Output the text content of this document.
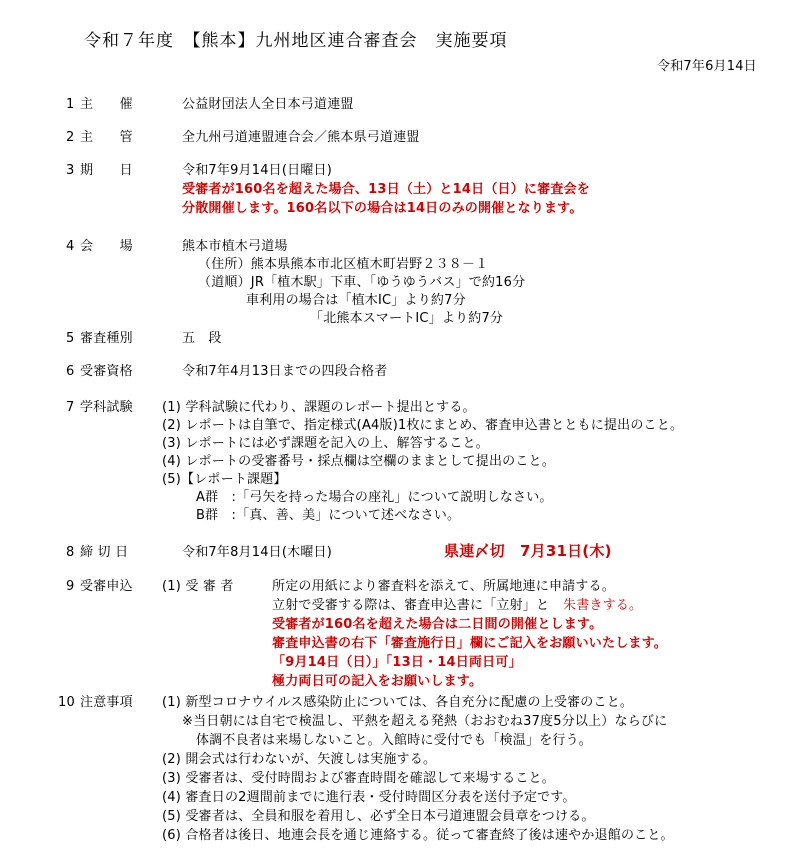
令和７年度　【熊本】九州地区連合審査会　実施要項
令和7年6月14日
1 主　　催	公益財団法人全日本弓道連盟
2 主　　管	全九州弓道連盟連合会／熊本県弓道連盟
3 期　　日	令和7年9月14日(日曜日)
受審者が160名を超えた場合、13日（土）と14日（日）に審査会を
分散開催します。160名以下の場合は14日のみの開催となります。
4 会　　場	熊本市植木弓道場
（住所）熊本県熊本市北区植木町岩野２３８－１
（道順）JR「植木駅」下車、「ゆうゆうバス」で約16分
車利用の場合は「植木IC」より約7分
「北熊本スマートIC」より約7分
5 審査種別	五　段
6 受審資格	令和7年4月13日までの四段合格者
7 学科試験 (1) 学科試験に代わり、課題のレポート提出とする。
(2) レポートは自筆で、指定様式(A4版)1枚にまとめ、審査申込書とともに提出のこと。
(3) レポートには必ず課題を記入の上、解答すること。
(4) レポートの受審番号・採点欄は空欄のままとして提出のこと。
(5)【レポート課題】
A群　:「弓矢を持った場合の座礼」について説明しなさい。
B群　:「真、善、美」について述べなさい。
8 締 切 日	令和7年8月14日(木曜日)	県連〆切　7月31日(木)
9 受審申込 (1) 受 審 者	所定の用紙により審査料を添えて、所属地連に申請する。
立射で受審する際は、審査申込書に「立射」と 朱書きする。
受審者が160名を超えた場合は二日間の開催とします。
審査申込書の右下「審査施行日」欄にご記入をお願いいたします。
「9月14日（日）」「13日・14日両日可」
極力両日可の記入をお願いします。
10 注意事項 (1) 新型コロナウイルス感染防止については、各自充分に配慮の上受審のこと。
※当日朝には自宅で検温し、平熱を超える発熱（おおむね37度5分以上）ならびに
体調不良者は来場しないこと。入館時に受付でも「検温」を行う。
(2) 開会式は行わないが、矢渡しは実施する。
(3) 受審者は、受付時間および審査時間を確認して来場すること。
(4) 審査日の2週間前までに進行表・受付時間区分表を送付予定です。
(5) 受審者は、全員和服を着用し、必ず全日本弓道連盟会員章をつける。
(6) 合格者は後日、地連会長を通じ連絡する。従って審査終了後は速やか退館のこと。
